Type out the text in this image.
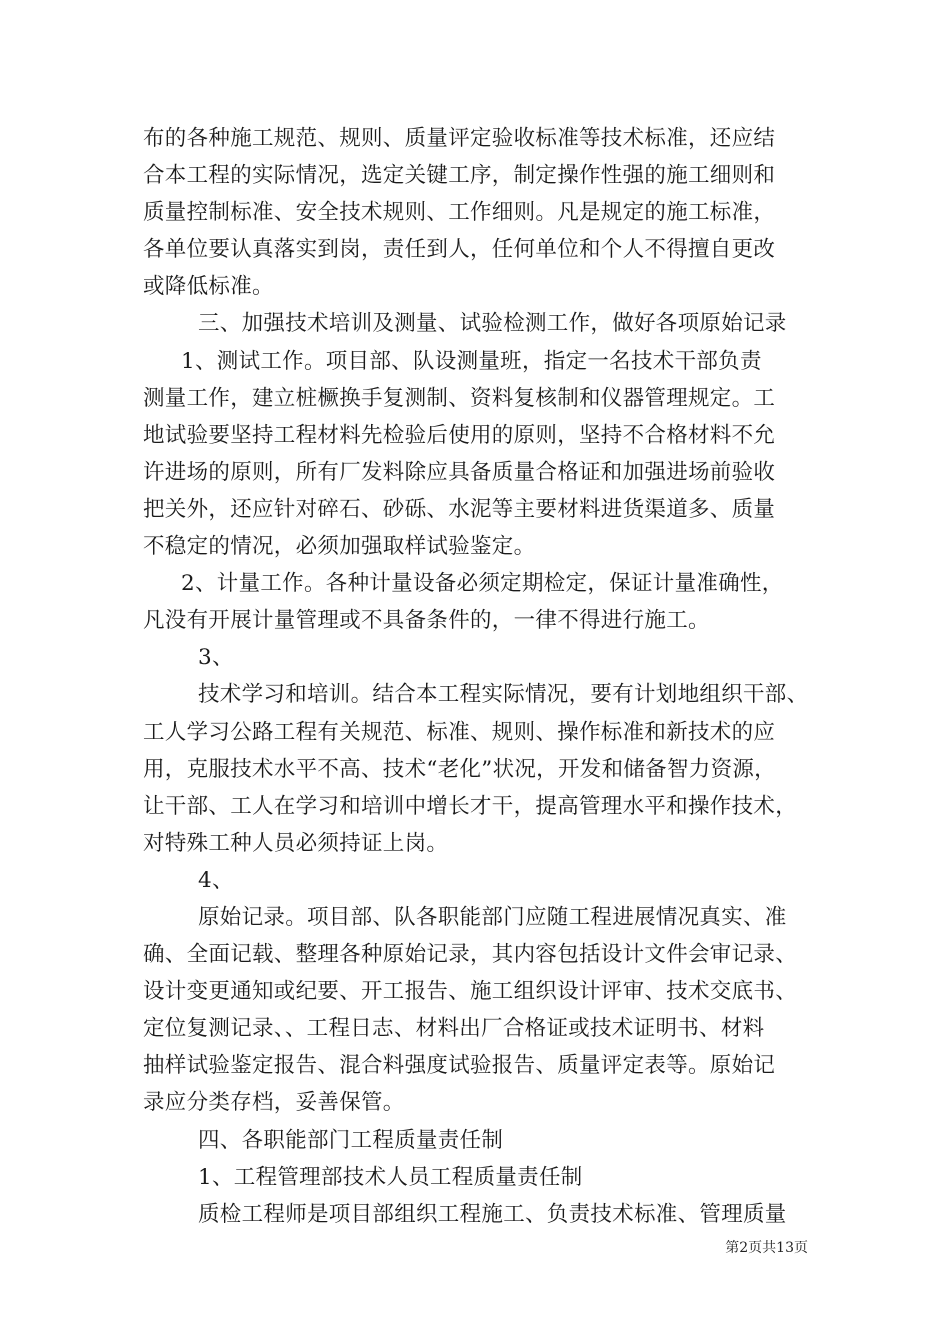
布的各种施工规范、规则、质量评定验收标准等技术标准，还应结
合本工程的实际情况，选定关键工序，制定操作性强的施工细则和
质量控制标准、安全技术规则、工作细则。凡是规定的施工标准，
各单位要认真落实到岗，责任到人，任何单位和个人不得擅自更改
或降低标准。
三、加强技术培训及测量、试验检测工作，做好各项原始记录
1、测试工作。项目部、队设测量班，指定一名技术干部负责
测量工作，建立桩橛换手复测制、资料复核制和仪器管理规定。工
地试验要坚持工程材料先检验后使用的原则，坚持不合格材料不允
许进场的原则，所有厂发料除应具备质量合格证和加强进场前验收
把关外，还应针对碎石、砂砾、水泥等主要材料进货渠道多、质量
不稳定的情况，必须加强取样试验鉴定。
2、计量工作。各种计量设备必须定期检定，保证计量准确性，
凡没有开展计量管理或不具备条件的，一律不得进行施工。
3、
技术学习和培训。结合本工程实际情况，要有计划地组织干部、
工人学习公路工程有关规范、标准、规则、操作标准和新技术的应
用，克服技术水平不高、技术“老化”状况，开发和储备智力资源，
让干部、工人在学习和培训中增长才干，提高管理水平和操作技术，
对特殊工种人员必须持证上岗。
4、
原始记录。项目部、队各职能部门应随工程进展情况真实、准
确、全面记载、整理各种原始记录，其内容包括设计文件会审记录、
设计变更通知或纪要、开工报告、施工组织设计评审、技术交底书、
定位复测记录、、工程日志、材料出厂合格证或技术证明书、材料
抽样试验鉴定报告、混合料强度试验报告、质量评定表等。原始记
录应分类存档，妥善保管。
四、各职能部门工程质量责任制
1、工程管理部技术人员工程质量责任制
质检工程师是项目部组织工程施工、负责技术标准、管理质量
第2页共13页
